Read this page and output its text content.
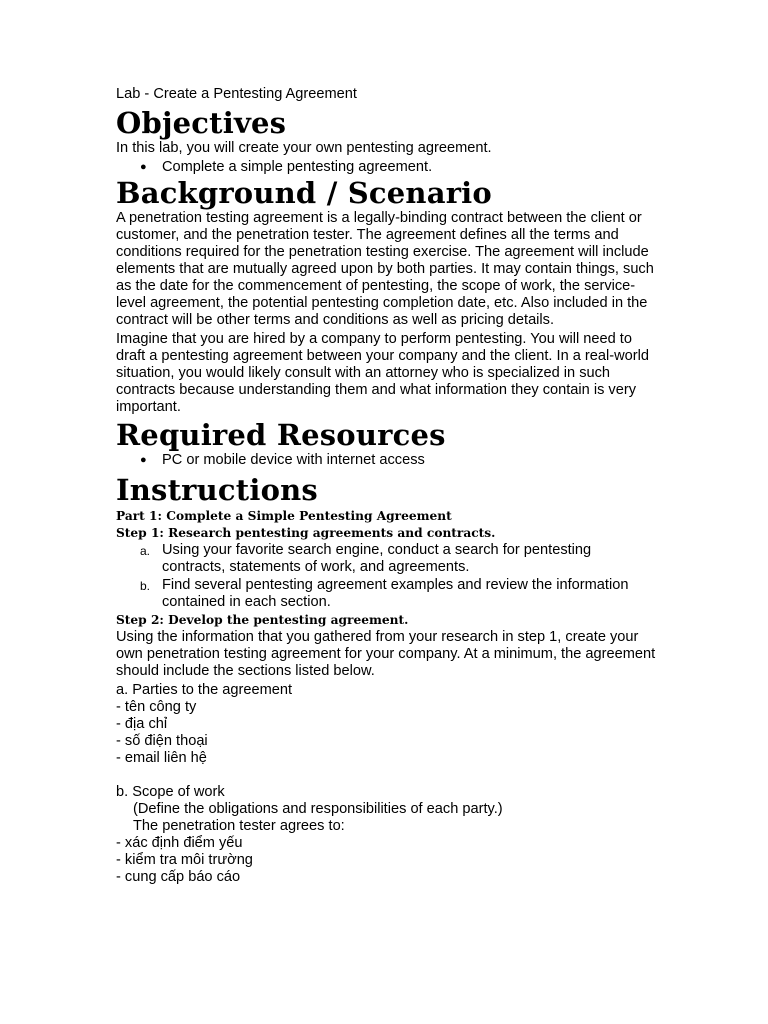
Lab - Create a Pentesting Agreement
Objectives

In this lab, you will create your own pentesting agreement.

● Complete a simple pentesting agreement.
Background / Scenario

A penetration testing agreement is a legally-binding contract between the client or customer, and the penetration tester. The agreement defines all the terms and conditions required for the penetration testing exercise. The agreement will include elements that are mutually agreed upon by both parties. It may contain things, such as the date for the commencement of pentesting, the scope of work, the service-level agreement, the potential pentesting completion date, etc. Also included in the contract will be other terms and conditions as well as pricing details.

Imagine that you are hired by a company to perform pentesting. You will need to draft a pentesting agreement between your company and the client. In a real-world situation, you would likely consult with an attorney who is specialized in such contracts because understanding them and what information they contain is very important.

Required Resources
● PC or mobile device with internet access
Instructions
Part 1: Complete a Simple Pentesting Agreement
Step 1: Research pentesting agreements and contracts.
a. Using your favorite search engine, conduct a search for pentesting contracts, statements of work, and agreements.
b. Find several pentesting agreement examples and review the information contained in each section.
Step 2: Develop the pentesting agreement.

Using the information that you gathered from your research in step 1, create your own penetration testing agreement for your company. At a minimum, the agreement should include the sections listed below.

a. Parties to the agreement
- tên công ty
- địa chỉ
- số điện thoại
- email liên hệ
b. Scope of work
(Define the obligations and responsibilities of each party.)
The penetration tester agrees to:
- xác định điểm yếu
- kiểm tra môi trường
- cung cấp báo cáo
